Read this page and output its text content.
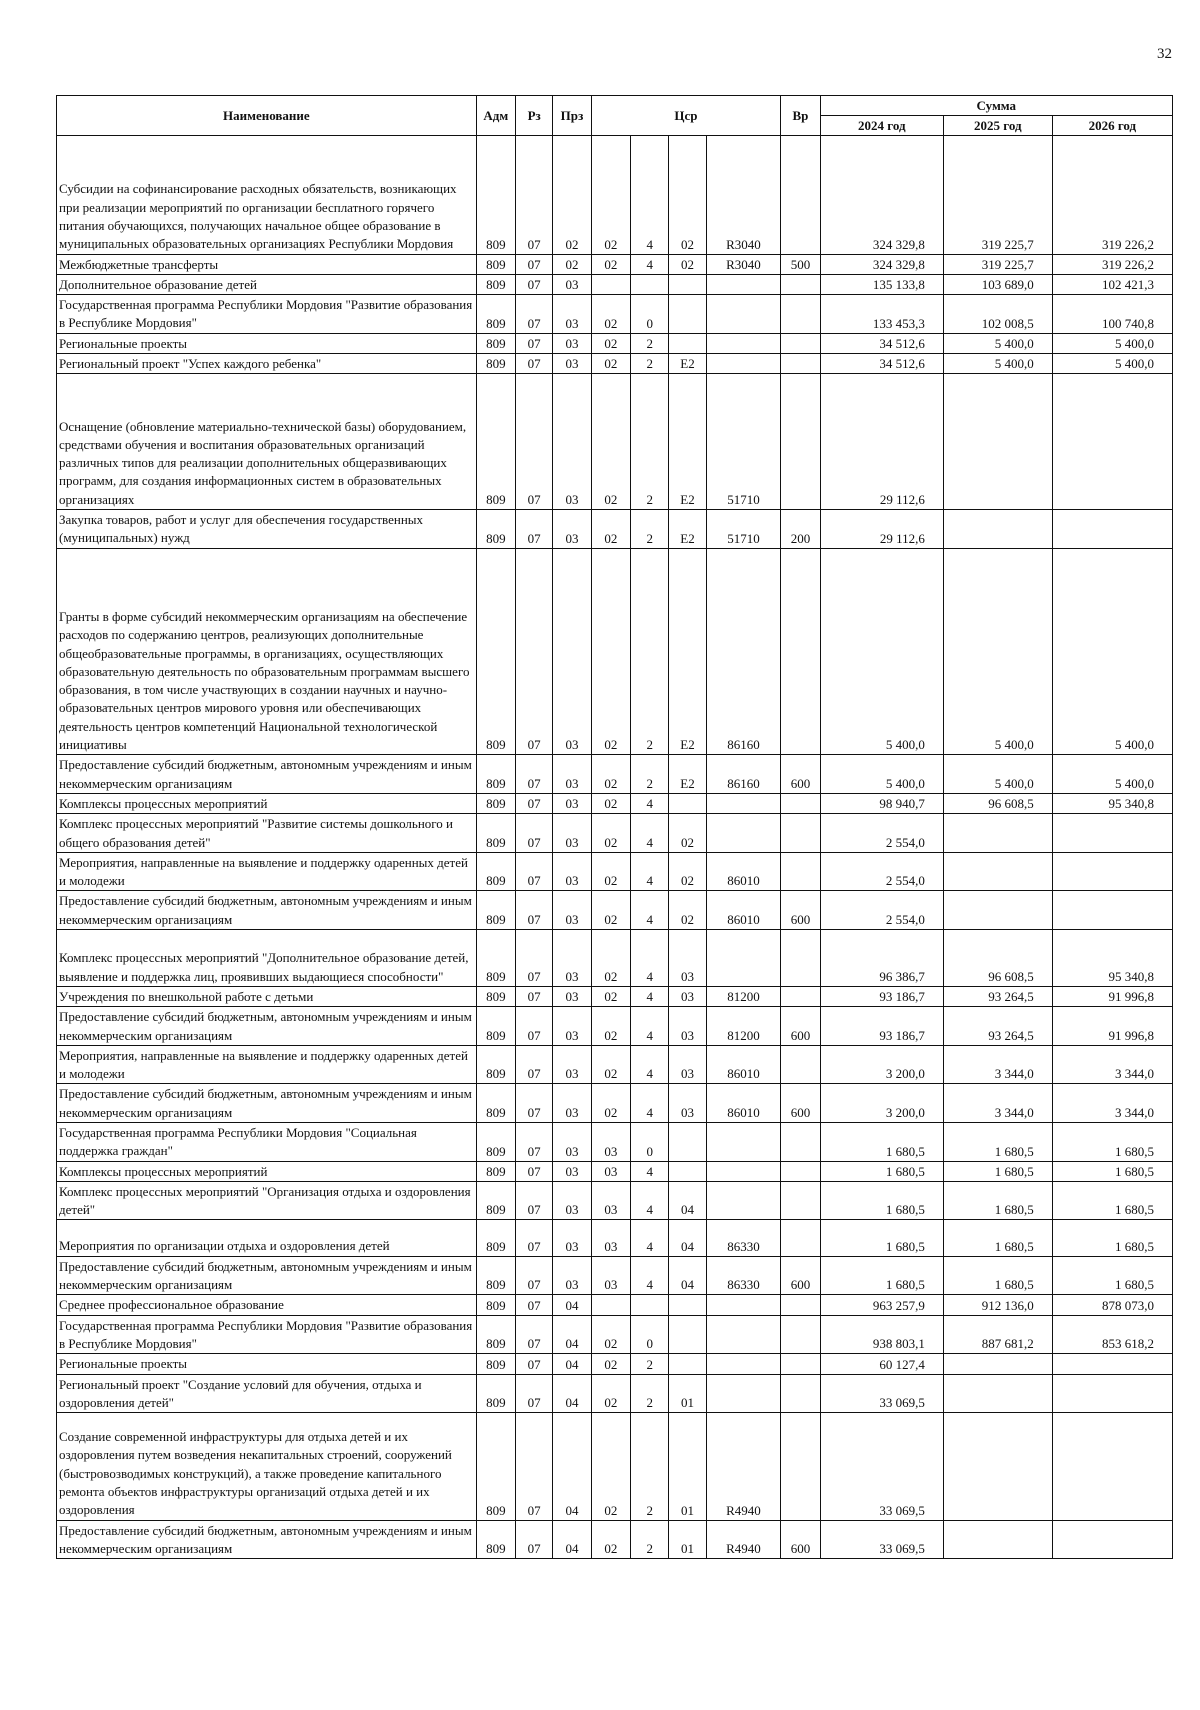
32
Наименование	Адм	Рз	Прз	Цср				Вр	Сумма		
									2024 год	2025 год	2026 год
Субсидии на софинансирование расходных обязательств, возникающих при реализации мероприятий по организации бесплатного горячего питания обучающихся, получающих начальное общее образование в муниципальных образовательных организациях Республики Мордовия	809	07	02	02	4	02	R3040		324 329,8	319 225,7	319 226,2
Межбюджетные трансферты	809	07	02	02	4	02	R3040	500	324 329,8	319 225,7	319 226,2
Дополнительное образование детей	809	07	03						135 133,8	103 689,0	102 421,3
Государственная программа Республики Мордовия "Развитие образования в Республике Мордовия"	809	07	03	02	0				133 453,3	102 008,5	100 740,8
Региональные проекты	809	07	03	02	2				34 512,6	5 400,0	5 400,0
Региональный проект "Успех каждого ребенка"	809	07	03	02	2	E2			34 512,6	5 400,0	5 400,0
Оснащение (обновление материально-технической базы) оборудованием, средствами обучения и воспитания образовательных организаций различных типов для реализации дополнительных общеразвивающих программ, для создания информационных систем в образовательных организациях	809	07	03	02	2	E2	51710		29 112,6		
Закупка товаров, работ и услуг для обеспечения государственных (муниципальных) нужд	809	07	03	02	2	E2	51710	200	29 112,6		
Гранты в форме субсидий некоммерческим организациям на обеспечение расходов по содержанию центров, реализующих дополнительные общеобразовательные программы, в организациях, осуществляющих образовательную деятельность по образовательным программам высшего образования, в том числе участвующих в создании научных и научно-образовательных центров мирового уровня или обеспечивающих деятельность центров компетенций Национальной технологической инициативы	809	07	03	02	2	E2	86160		5 400,0	5 400,0	5 400,0
Предоставление субсидий бюджетным, автономным учреждениям и иным некоммерческим организациям	809	07	03	02	2	E2	86160	600	5 400,0	5 400,0	5 400,0
Комплексы процессных мероприятий	809	07	03	02	4				98 940,7	96 608,5	95 340,8
Комплекс процессных мероприятий "Развитие системы дошкольного и общего образования детей"	809	07	03	02	4	02			2 554,0		
Мероприятия, направленные на выявление и поддержку одаренных детей и молодежи	809	07	03	02	4	02	86010		2 554,0		
Предоставление субсидий бюджетным, автономным учреждениям и иным некоммерческим организациям	809	07	03	02	4	02	86010	600	2 554,0		
Комплекс процессных мероприятий "Дополнительное образование детей, выявление и поддержка лиц, проявивших выдающиеся способности"	809	07	03	02	4	03			96 386,7	96 608,5	95 340,8
Учреждения по внешкольной работе с детьми	809	07	03	02	4	03	81200		93 186,7	93 264,5	91 996,8
Предоставление субсидий бюджетным, автономным учреждениям и иным некоммерческим организациям	809	07	03	02	4	03	81200	600	93 186,7	93 264,5	91 996,8
Мероприятия, направленные на выявление и поддержку одаренных детей и молодежи	809	07	03	02	4	03	86010		3 200,0	3 344,0	3 344,0
Предоставление субсидий бюджетным, автономным учреждениям и иным некоммерческим организациям	809	07	03	02	4	03	86010	600	3 200,0	3 344,0	3 344,0
Государственная программа Республики Мордовия "Социальная поддержка граждан"	809	07	03	03	0				1 680,5	1 680,5	1 680,5
Комплексы процессных мероприятий	809	07	03	03	4				1 680,5	1 680,5	1 680,5
Комплекс процессных мероприятий "Организация отдыха и оздоровления детей"	809	07	03	03	4	04			1 680,5	1 680,5	1 680,5
Мероприятия по организации отдыха и оздоровления детей	809	07	03	03	4	04	86330		1 680,5	1 680,5	1 680,5
Предоставление субсидий бюджетным, автономным учреждениям и иным некоммерческим организациям	809	07	03	03	4	04	86330	600	1 680,5	1 680,5	1 680,5
Среднее профессиональное образование	809	07	04						963 257,9	912 136,0	878 073,0
Государственная программа Республики Мордовия "Развитие образования в Республике Мордовия"	809	07	04	02	0				938 803,1	887 681,2	853 618,2
Региональные проекты	809	07	04	02	2				60 127,4		
Региональный проект "Создание условий для обучения, отдыха и оздоровления детей"	809	07	04	02	2	01			33 069,5		
Создание современной инфраструктуры для отдыха детей и их оздоровления путем возведения некапитальных строений, сооружений (быстровозводимых конструкций), а также проведение капитального ремонта объектов инфраструктуры организаций отдыха детей и их оздоровления	809	07	04	02	2	01	R4940		33 069,5		
Предоставление субсидий бюджетным, автономным учреждениям и иным некоммерческим организациям	809	07	04	02	2	01	R4940	600	33 069,5		
